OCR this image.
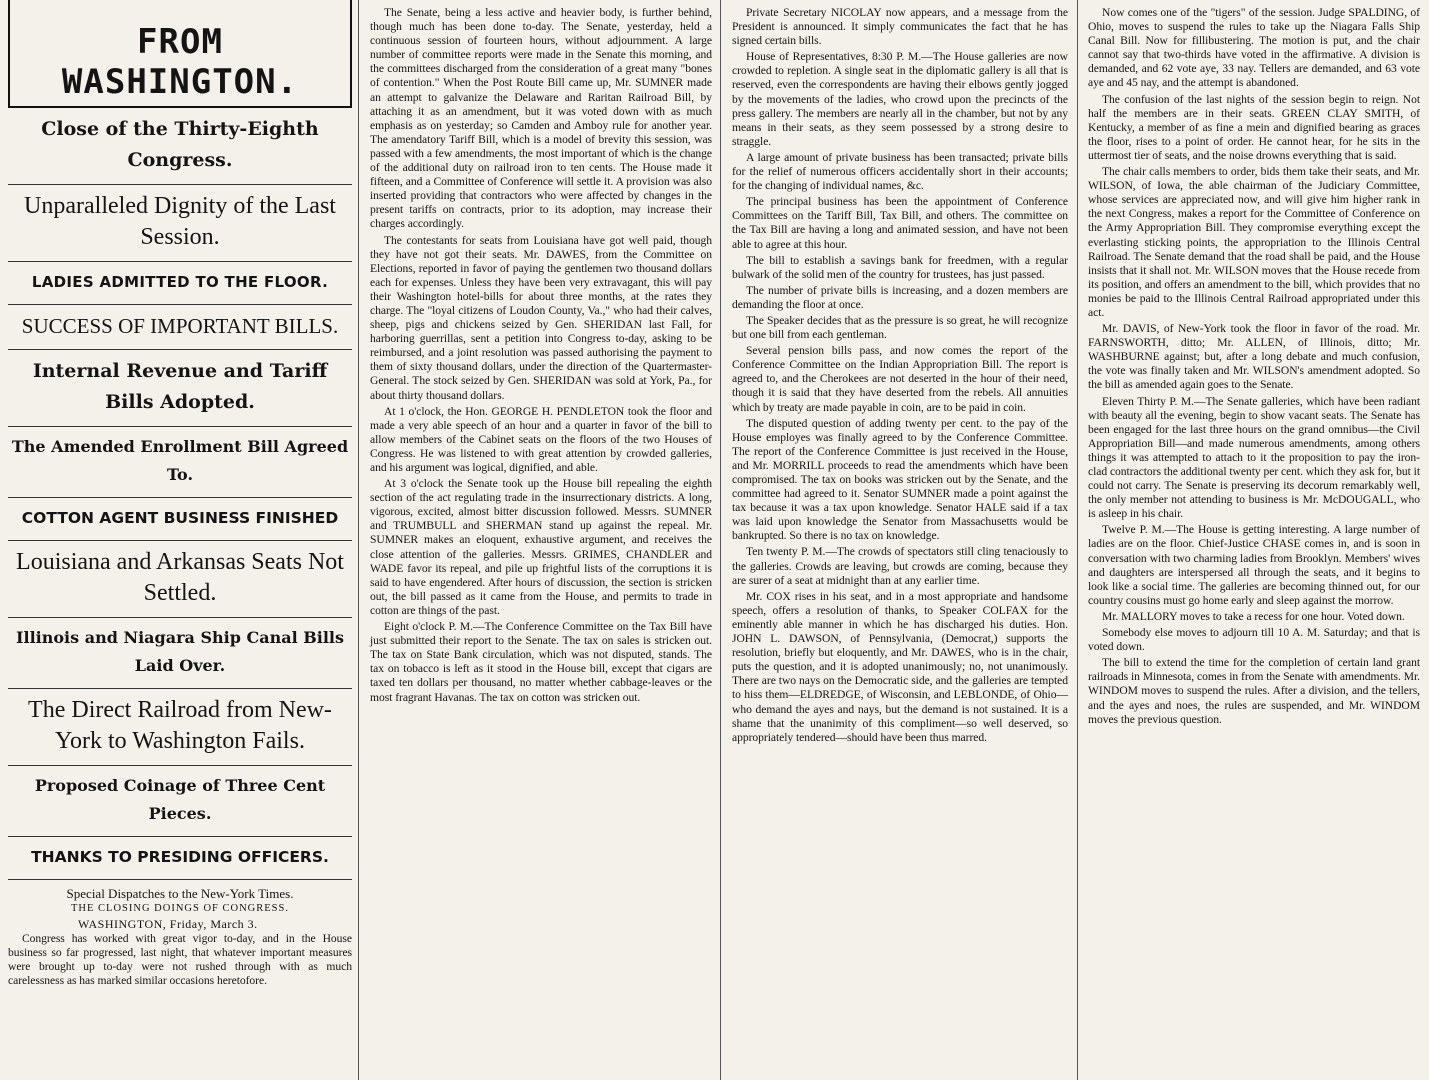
FROM WASHINGTON.
Close of the Thirty-Eighth Congress.
Unparalleled Dignity of the Last Session.
LADIES ADMITTED TO THE FLOOR.
SUCCESS OF IMPORTANT BILLS.
Internal Revenue and Tariff Bills Adopted.
The Amended Enrollment Bill Agreed To.
COTTON AGENT BUSINESS FINISHED
Louisiana and Arkansas Seats Not Settled.
Illinois and Niagara Ship Canal Bills Laid Over.
The Direct Railroad from New-York to Washington Fails.
Proposed Coinage of Three Cent Pieces.
THANKS TO PRESIDING OFFICERS.
Special Dispatches to the New-York Times.
THE CLOSING DOINGS OF CONGRESS.
WASHINGTON, Friday, March 3.

Congress has worked with great vigor to-day, and in the House business so far progressed, last night, that whatever important measures were brought up to-day were not rushed through with as much carelessness as has marked similar occasions heretofore.

The Senate, being a less active and heavier body, is further behind, though much has been done to-day. The Senate, yesterday, held a continuous session of fourteen hours, without adjournment. A large number of committee reports were made in the Senate this morning, and the committees discharged from the consideration of a great many "bones of contention." When the Post Route Bill came up, Mr. SUMNER made an attempt to galvanize the Delaware and Raritan Railroad Bill, by attaching it as an amendment, but it was voted down with as much emphasis as on yesterday; so Camden and Amboy rule for another year. The amendatory Tariff Bill, which is a model of brevity this session, was passed with a few amendments, the most important of which is the change of the additional duty on railroad iron to ten cents. The House made it fifteen, and a Committee of Conference will settle it. A provision was also inserted providing that contractors who were affected by changes in the present tariffs on contracts, prior to its adoption, may increase their charges accordingly.

The contestants for seats from Louisiana have got well paid, though they have not got their seats. Mr. DAWES, from the Committee on Elections, reported in favor of paying the gentlemen two thousand dollars each for expenses. Unless they have been very extravagant, this will pay their Washington hotel-bills for about three months, at the rates they charge. The "loyal citizens of Loudon County, Va.," who had their calves, sheep, pigs and chickens seized by Gen. SHERIDAN last Fall, for harboring guerrillas, sent a petition into Congress to-day, asking to be reimbursed, and a joint resolution was passed authorising the payment to them of sixty thousand dollars, under the direction of the Quartermaster-General. The stock seized by Gen. SHERIDAN was sold at York, Pa., for about thirty thousand dollars.

At 1 o'clock, the Hon. GEORGE H. PENDLETON took the floor and made a very able speech of an hour and a quarter in favor of the bill to allow members of the Cabinet seats on the floors of the two Houses of Congress. He was listened to with great attention by crowded galleries, and his argument was logical, dignified, and able.

At 3 o'clock the Senate took up the House bill repealing the eighth section of the act regulating trade in the insurrectionary districts. A long, vigorous, excited, almost bitter discussion followed. Messrs. SUMNER and TRUMBULL and SHERMAN stand up against the repeal. Mr. SUMNER makes an eloquent, exhaustive argument, and receives the close attention of the galleries. Messrs. GRIMES, CHANDLER and WADE favor its repeal, and pile up frightful lists of the corruptions it is said to have engendered. After hours of discussion, the section is stricken out, the bill passed as it came from the House, and permits to trade in cotton are things of the past.

Eight o'clock P. M.—The Conference Committee on the Tax Bill have just submitted their report to the Senate. The tax on sales is stricken out. The tax on State Bank circulation, which was not disputed, stands. The tax on tobacco is left as it stood in the House bill, except that cigars are taxed ten dollars per thousand, no matter whether cabbage-leaves or the most fragrant Havanas. The tax on cotton was stricken out.

Private Secretary NICOLAY now appears, and a message from the President is announced. It simply communicates the fact that he has signed certain bills.

House of Representatives, 8:30 P. M.—The House galleries are now crowded to repletion. A single seat in the diplomatic gallery is all that is reserved, even the correspondents are having their elbows gently jogged by the movements of the ladies, who crowd upon the precincts of the press gallery. The members are nearly all in the chamber, but not by any means in their seats, as they seem possessed by a strong desire to straggle.

A large amount of private business has been transacted; private bills for the relief of numerous officers accidentally short in their accounts; for the changing of individual names, &c.

The principal business has been the appointment of Conference Committees on the Tariff Bill, Tax Bill, and others. The committee on the Tax Bill are having a long and animated session, and have not been able to agree at this hour.

The bill to establish a savings bank for freedmen, with a regular bulwark of the solid men of the country for trustees, has just passed.

The number of private bills is increasing, and a dozen members are demanding the floor at once.

The Speaker decides that as the pressure is so great, he will recognize but one bill from each gentleman.

Several pension bills pass, and now comes the report of the Conference Committee on the Indian Appropriation Bill. The report is agreed to, and the Cherokees are not deserted in the hour of their need, though it is said that they have deserted from the rebels. All annuities which by treaty are made payable in coin, are to be paid in coin.

The disputed question of adding twenty per cent. to the pay of the House employes was finally agreed to by the Conference Committee. The report of the Conference Committee is just received in the House, and Mr. MORRILL proceeds to read the amendments which have been compromised. The tax on books was stricken out by the Senate, and the committee had agreed to it. Senator SUMNER made a point against the tax because it was a tax upon knowledge. Senator HALE said if a tax was laid upon knowledge the Senator from Massachusetts would be bankrupted. So there is no tax on knowledge.

Ten twenty P. M.—The crowds of spectators still cling tenaciously to the galleries. Crowds are leaving, but crowds are coming, because they are surer of a seat at midnight than at any earlier time.

Mr. COX rises in his seat, and in a most appropriate and handsome speech, offers a resolution of thanks, to Speaker COLFAX for the eminently able manner in which he has discharged his duties. Hon. JOHN L. DAWSON, of Pennsylvania, (Democrat,) supports the resolution, briefly but eloquently, and Mr. DAWES, who is in the chair, puts the question, and it is adopted unanimously; no, not unanimously. There are two nays on the Democratic side, and the galleries are tempted to hiss them—ELDREDGE, of Wisconsin, and LEBLONDE, of Ohio—who demand the ayes and nays, but the demand is not sustained. It is a shame that the unanimity of this compliment—so well deserved, so appropriately tendered—should have been thus marred.

Now comes one of the "tigers" of the session. Judge SPALDING, of Ohio, moves to suspend the rules to take up the Niagara Falls Ship Canal Bill. Now for fillibustering. The motion is put, and the chair cannot say that two-thirds have voted in the affirmative. A division is demanded, and 62 vote aye, 33 nay. Tellers are demanded, and 63 vote aye and 45 nay, and the attempt is abandoned.

The confusion of the last nights of the session begin to reign. Not half the members are in their seats. GREEN CLAY SMITH, of Kentucky, a member of as fine a mein and dignified bearing as graces the floor, rises to a point of order. He cannot hear, for he sits in the uttermost tier of seats, and the noise drowns everything that is said.

The chair calls members to order, bids them take their seats, and Mr. WILSON, of Iowa, the able chairman of the Judiciary Committee, whose services are appreciated now, and will give him higher rank in the next Congress, makes a report for the Committee of Conference on the Army Appropriation Bill. They compromise everything except the everlasting sticking points, the appropriation to the Illinois Central Railroad. The Senate demand that the road shall be paid, and the House insists that it shall not. Mr. WILSON moves that the House recede from its position, and offers an amendment to the bill, which provides that no monies be paid to the Illinois Central Railroad appropriated under this act.

Mr. DAVIS, of New-York took the floor in favor of the road. Mr. FARNSWORTH, ditto; Mr. ALLEN, of Illinois, ditto; Mr. WASHBURNE against; but, after a long debate and much confusion, the vote was finally taken and Mr. WILSON's amendment adopted. So the bill as amended again goes to the Senate.

Eleven Thirty P. M.—The Senate galleries, which have been radiant with beauty all the evening, begin to show vacant seats. The Senate has been engaged for the last three hours on the grand omnibus—the Civil Appropriation Bill—and made numerous amendments, among others things it was attempted to attach to it the proposition to pay the iron-clad contractors the additional twenty per cent. which they ask for, but it could not carry. The Senate is preserving its decorum remarkably well, the only member not attending to business is Mr. McDOUGALL, who is asleep in his chair.

Twelve P. M.—The House is getting interesting. A large number of ladies are on the floor. Chief-Justice CHASE comes in, and is soon in conversation with two charming ladies from Brooklyn. Members' wives and daughters are interspersed all through the seats, and it begins to look like a social time. The galleries are becoming thinned out, for our country cousins must go home early and sleep against the morrow.

Mr. MALLORY moves to take a recess for one hour. Voted down.

Somebody else moves to adjourn till 10 A. M. Saturday; and that is voted down.

The bill to extend the time for the completion of certain land grant railroads in Minnesota, comes in from the Senate with amendments. Mr. WINDOM moves to suspend the rules. After a division, and the tellers, and the ayes and noes, the rules are suspended, and Mr. WINDOM moves the previous question.
